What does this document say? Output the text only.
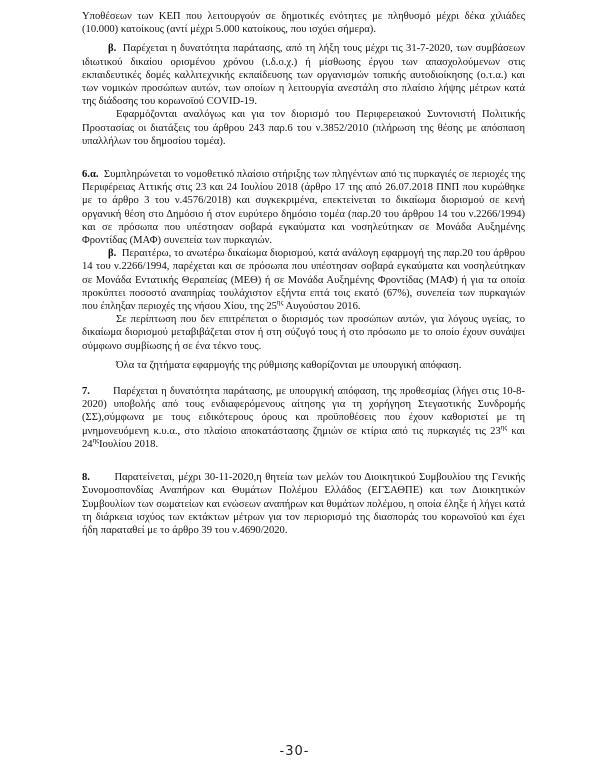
Υποθέσεων των ΚΕΠ που λειτουργούν σε δημοτικές ενότητες με πληθυσμό μέχρι δέκα χιλιάδες (10.000) κατοίκους (αντί μέχρι 5.000 κατοίκους, που ισχύει σήμερα).

β. Παρέχεται η δυνατότητα παράτασης, από τη λήξη τους μέχρι τις 31-7-2020, των συμβάσεων ιδιωτικού δικαίου ορισμένου χρόνου (ι.δ.ο.χ.) ή μίσθωσης έργου των απασχολούμενων στις εκπαιδευτικές δομές καλλιτεχνικής εκπαίδευσης των οργανισμών τοπικής αυτοδιοίκησης (ο.τ.α.) και των νομικών προσώπων αυτών, των οποίων η λειτουργία ανεστάλη στο πλαίσιο λήψης μέτρων κατά της διάδοσης του κορωνοϊού COVID-19.

Εφαρμόζονται αναλόγως και για τον διορισμό του Περιφερειακού Συντονιστή Πολιτικής Προστασίας οι διατάξεις του άρθρου 243 παρ.6 του ν.3852/2010 (πλήρωση της θέσης με απόσπαση υπαλλήλων του δημοσίου τομέα).

6.α. Συμπληρώνεται το νομοθετικό πλαίσιο στήριξης των πληγέντων από τις πυρκαγιές σε περιοχές της Περιφέρειας Αττικής στις 23 και 24 Ιουλίου 2018 (άρθρο 17 της από 26.07.2018 ΠΝΠ που κυρώθηκε με το άρθρο 3 του ν.4576/2018) και συγκεκριμένα, επεκτείνεται το δικαίωμα διορισμού σε κενή οργανική θέση στο Δημόσιο ή στον ευρύτερο δημόσιο τομέα (παρ.20 του άρθρου 14 του ν.2266/1994) και σε πρόσωπα που υπέστησαν σοβαρά εγκαύματα και νοσηλεύτηκαν σε Μονάδα Αυξημένης Φροντίδας (ΜΑΦ) συνεπεία των πυρκαγιών.

β. Περαιτέρω, το ανωτέρω δικαίωμα διορισμού, κατά ανάλογη εφαρμογή της παρ.20 του άρθρου 14 του ν.2266/1994, παρέχεται και σε πρόσωπα που υπέστησαν σοβαρά εγκαύματα και νοσηλεύτηκαν σε Μονάδα Εντατικής Θεραπείας (ΜΕΘ) ή σε Μονάδα Αυξημένης Φροντίδας (ΜΑΦ) ή για τα οποία προκύπτει ποσοστό αναπηρίας τουλάχιστον εξήντα επτά τοις εκατό (67%), συνεπεία των πυρκαγιών που έπληξαν περιοχές της νήσου Χίου, της $25^{\eta\varsigma}$ Αυγούστου 2016.

Σε περίπτωση που δεν επιτρέπεται ο διορισμός των προσώπων αυτών, για λόγους υγείας, το δικαίωμα διορισμού μεταβιβάζεται στον ή στη σύζυγό τους ή στο πρόσωπο με το οποίο έχουν συνάψει σύμφωνο συμβίωσης ή σε ένα τέκνο τους.

Όλα τα ζητήματα εφαρμογής της ρύθμισης καθορίζονται με υπουργική απόφαση.

7. Παρέχεται η δυνατότητα παράτασης, με υπουργική απόφαση, της προθεσμίας (λήγει στις 10-8-2020) υποβολής από τους ενδιαφερόμενους αίτησης για τη χορήγηση Στεγαστικής Συνδρομής (ΣΣ),σύμφωνα με τους ειδικότερους όρους και προϋποθέσεις που έχουν καθοριστεί με τη μνημονευόμενη κ.υ.α., στο πλαίσιο αποκατάστασης ζημιών σε κτίρια από τις πυρκαγιές τις $23^{\eta\varsigma}$ και $24^{\eta\varsigma}Io\upsilon\lambda ίo\upsilon$ 2018.

8. Παρατείνεται, μέχρι 30-11-2020,η θητεία των μελών του Διοικητικού Συμβουλίου της Γενικής Συνομοσπονδίας Αναπήρων και Θυμάτων Πολέμου Ελλάδος (ΕΓΣΑΘΠΕ) και των Διοικητικών Συμβουλίων των σωματείων και ενώσεων αναπήρων και θυμάτων πολέμου, η οποία έληξε ή λήγει κατά τη διάρκεια ισχύος των εκτάκτων μέτρων για τον περιορισμό της διασποράς του κορωνοϊού και έχει ήδη παραταθεί με το άρθρο 39 του ν.4690/2020.

-30-
